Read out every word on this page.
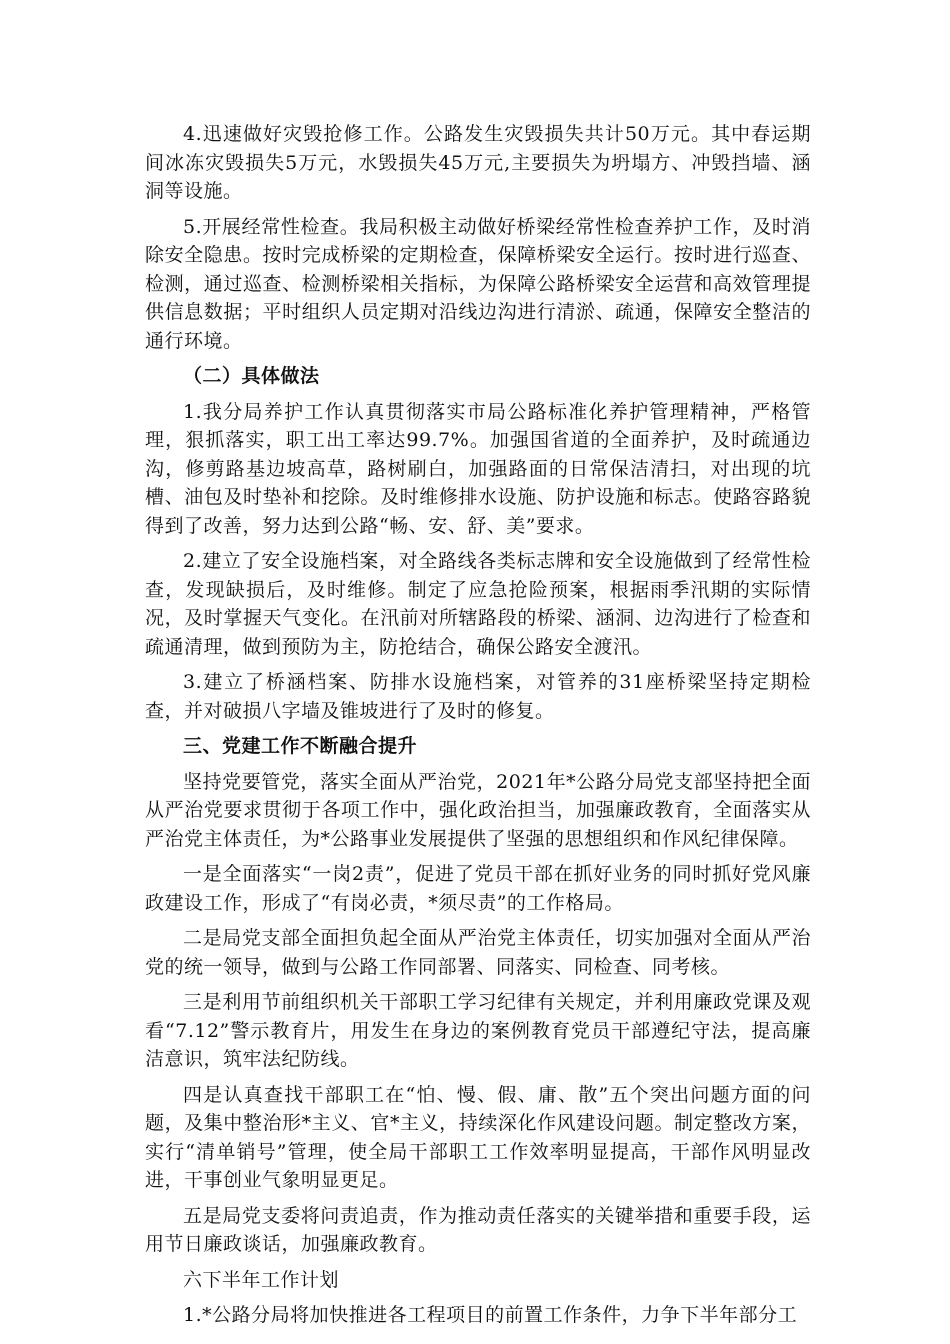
4.迅速做好灾毁抢修工作。公路发生灾毁损失共计50万元。其中春运期间冰冻灾毁损失5万元，水毁损失45万元,主要损失为坍塌方、冲毁挡墙、涵洞等设施。

5.开展经常性检查。我局积极主动做好桥梁经常性检查养护工作，及时消除安全隐患。按时完成桥梁的定期检查，保障桥梁安全运行。按时进行巡查、检测，通过巡查、检测桥梁相关指标，为保障公路桥梁安全运营和高效管理提供信息数据；平时组织人员定期对沿线边沟进行清淤、疏通，保障安全整洁的通行环境。

（二）具体做法

1.我分局养护工作认真贯彻落实市局公路标准化养护管理精神，严格管理，狠抓落实，职工出工率达99.7%。加强国省道的全面养护，及时疏通边沟，修剪路基边坡高草，路树刷白，加强路面的日常保洁清扫，对出现的坑槽、油包及时垫补和挖除。及时维修排水设施、防护设施和标志。使路容路貌得到了改善，努力达到公路“畅、安、舒、美”要求。

2.建立了安全设施档案，对全路线各类标志牌和安全设施做到了经常性检查，发现缺损后，及时维修。制定了应急抢险预案，根据雨季汛期的实际情况，及时掌握天气变化。在汛前对所辖路段的桥梁、涵洞、边沟进行了检查和疏通清理，做到预防为主，防抢结合，确保公路安全渡汛。

3.建立了桥涵档案、防排水设施档案，对管养的31座桥梁坚持定期检查，并对破损八字墙及锥坡进行了及时的修复。

三、党建工作不断融合提升

坚持党要管党，落实全面从严治党，2021年*公路分局党支部坚持把全面从严治党要求贯彻于各项工作中，强化政治担当，加强廉政教育，全面落实从严治党主体责任，为*公路事业发展提供了坚强的思想组织和作风纪律保障。

一是全面落实“一岗2责”，促进了党员干部在抓好业务的同时抓好党风廉政建设工作，形成了“有岗必责，*须尽责”的工作格局。

二是局党支部全面担负起全面从严治党主体责任，切实加强对全面从严治党的统一领导，做到与公路工作同部署、同落实、同检查、同考核。

三是利用节前组织机关干部职工学习纪律有关规定，并利用廉政党课及观看“7.12”警示教育片，用发生在身边的案例教育党员干部遵纪守法，提高廉洁意识，筑牢法纪防线。

四是认真查找干部职工在“怕、慢、假、庸、散”五个突出问题方面的问题，及集中整治形*主义、官*主义，持续深化作风建设问题。制定整改方案，实行“清单销号”管理，使全局干部职工工作效率明显提高，干部作风明显改进，干事创业气象明显更足。

五是局党支委将问责追责，作为推动责任落实的关键举措和重要手段，运用节日廉政谈话，加强廉政教育。

六下半年工作计划

1.*公路分局将加快推进各工程项目的前置工作条件，力争下半年部分工
